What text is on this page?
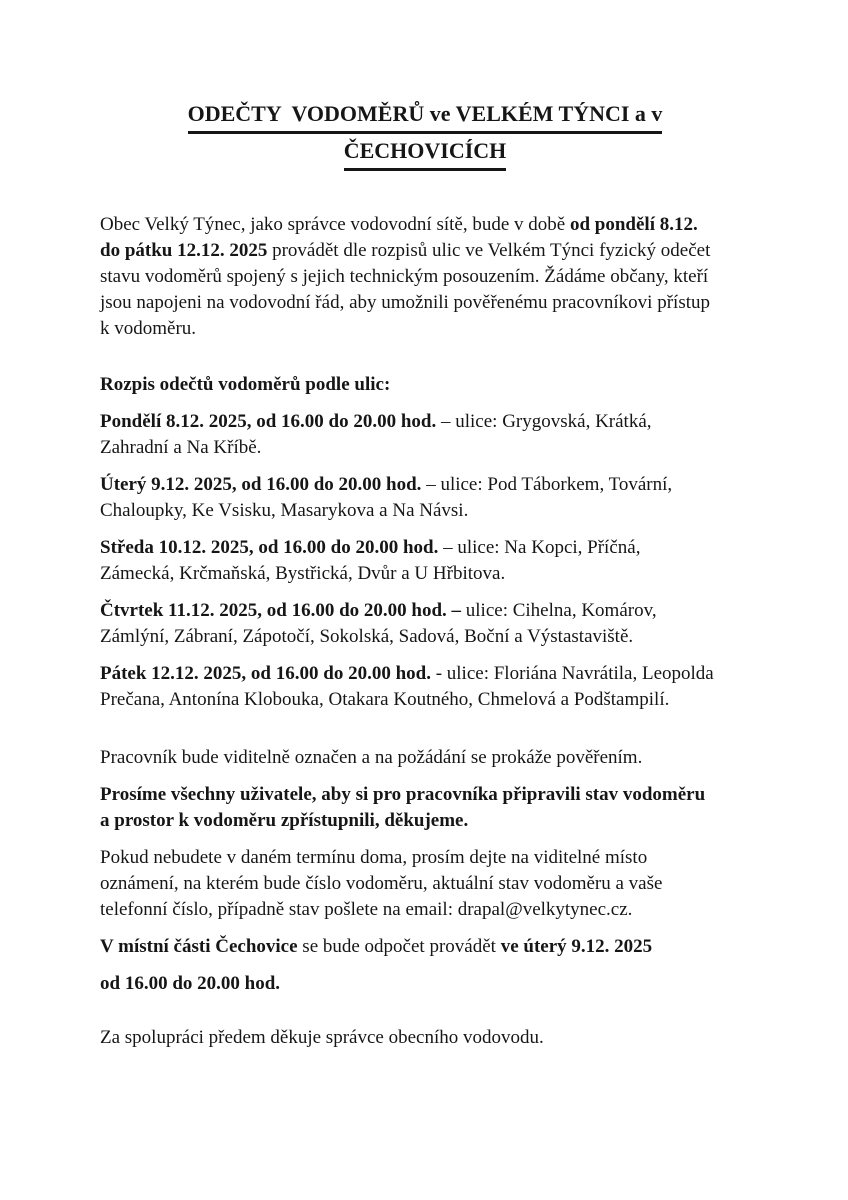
ODEČTY  VODOMĚRŮ ve VELKÉM TÝNCI a v
ČECHOVICÍCH
Obec Velký Týnec, jako správce vodovodní sítě, bude v době od pondělí 8.12.
do pátku 12.12. 2025 provádět dle rozpisů ulic ve Velkém Týnci fyzický odečet
stavu vodoměrů spojený s jejich technickým posouzením. Žádáme občany, kteří
jsou napojeni na vodovodní řád, aby umožnili pověřenému pracovníkovi přístup
k vodoměru.
Rozpis odečtů vodoměrů podle ulic:
Pondělí 8.12. 2025, od 16.00 do 20.00 hod. – ulice: Grygovská, Krátká,
Zahradní a Na Kříbě.
Úterý 9.12. 2025, od 16.00 do 20.00 hod. – ulice: Pod Táborkem, Tovární,
Chaloupky, Ke Vsisku, Masarykova a Na Návsi.
Středa 10.12. 2025, od 16.00 do 20.00 hod. – ulice: Na Kopci, Příčná,
Zámecká, Krčmaňská, Bystřická, Dvůr a U Hřbitova.
Čtvrtek 11.12. 2025, od 16.00 do 20.00 hod. – ulice: Cihelna, Komárov,
Zámlýní, Zábraní, Zápotočí, Sokolská, Sadová, Boční a Výstastaviště.
Pátek 12.12. 2025, od 16.00 do 20.00 hod. - ulice: Floriána Navrátila, Leopolda
Prečana, Antonína Klobouka, Otakara Koutného, Chmelová a Podštampilí.
Pracovník bude viditelně označen a na požádání se prokáže pověřením.
Prosíme všechny uživatele, aby si pro pracovníka připravili stav vodoměru
a prostor k vodoměru zpřístupnili, děkujeme.
Pokud nebudete v daném termínu doma, prosím dejte na viditelné místo
oznámení, na kterém bude číslo vodoměru, aktuální stav vodoměru a vaše
telefonní číslo, případně stav pošlete na email: drapal@velkytynec.cz.
V místní části Čechovice se bude odpočet provádět ve úterý 9.12. 2025
od 16.00 do 20.00 hod.
Za spolupráci předem děkuje správce obecního vodovodu.
